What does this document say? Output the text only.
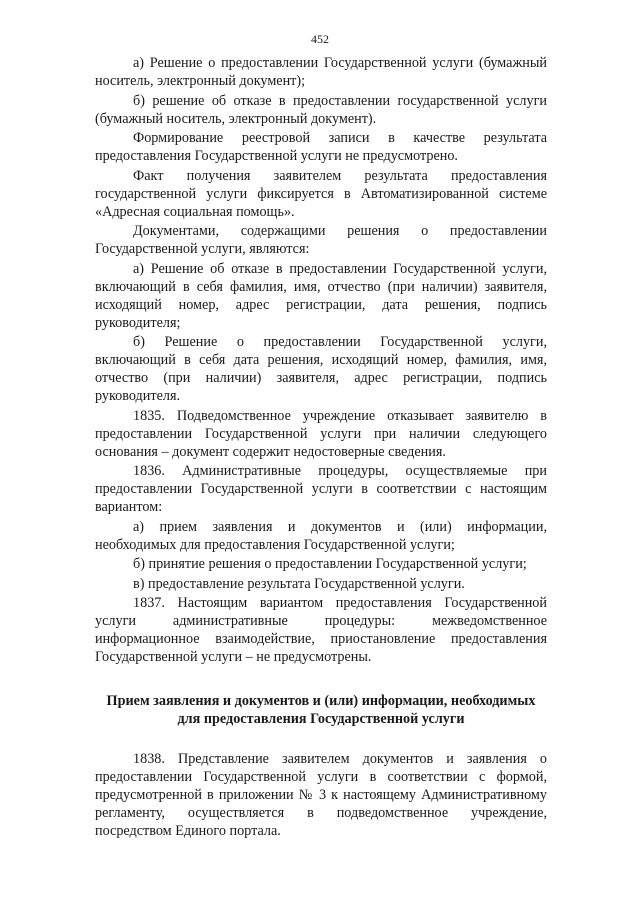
452

а) Решение о предоставлении Государственной услуги (бумажный носитель, электронный документ);

б) решение об отказе в предоставлении государственной услуги (бумажный носитель, электронный документ).

Формирование реестровой записи в качестве результата предоставления Государственной услуги не предусмотрено.

Факт получения заявителем результата предоставления государственной услуги фиксируется в Автоматизированной системе «Адресная социальная помощь».

Документами, содержащими решения о предоставлении Государственной услуги, являются:

а) Решение об отказе в предоставлении Государственной услуги, включающий в себя фамилия, имя, отчество (при наличии) заявителя, исходящий номер, адрес регистрации, дата решения, подпись руководителя;

б) Решение о предоставлении Государственной услуги, включающий в себя дата решения, исходящий номер, фамилия, имя, отчество (при наличии) заявителя, адрес регистрации, подпись руководителя.

1835. Подведомственное учреждение отказывает заявителю в предоставлении Государственной услуги при наличии следующего основания – документ содержит недостоверные сведения.

1836. Административные процедуры, осуществляемые при предоставлении Государственной услуги в соответствии с настоящим вариантом:

а) прием заявления и документов и (или) информации, необходимых для предоставления Государственной услуги;

б) принятие решения о предоставлении Государственной услуги;

в) предоставление результата Государственной услуги.

1837. Настоящим вариантом предоставления Государственной услуги административные процедуры: межведомственное информационное взаимодействие, приостановление предоставления Государственной услуги – не предусмотрены.

Прием заявления и документов и (или) информации, необходимых для предоставления Государственной услуги

1838. Представление заявителем документов и заявления о предоставлении Государственной услуги в соответствии с формой, предусмотренной в приложении № 3 к настоящему Административному регламенту, осуществляется в подведомственное учреждение, посредством Единого портала.
